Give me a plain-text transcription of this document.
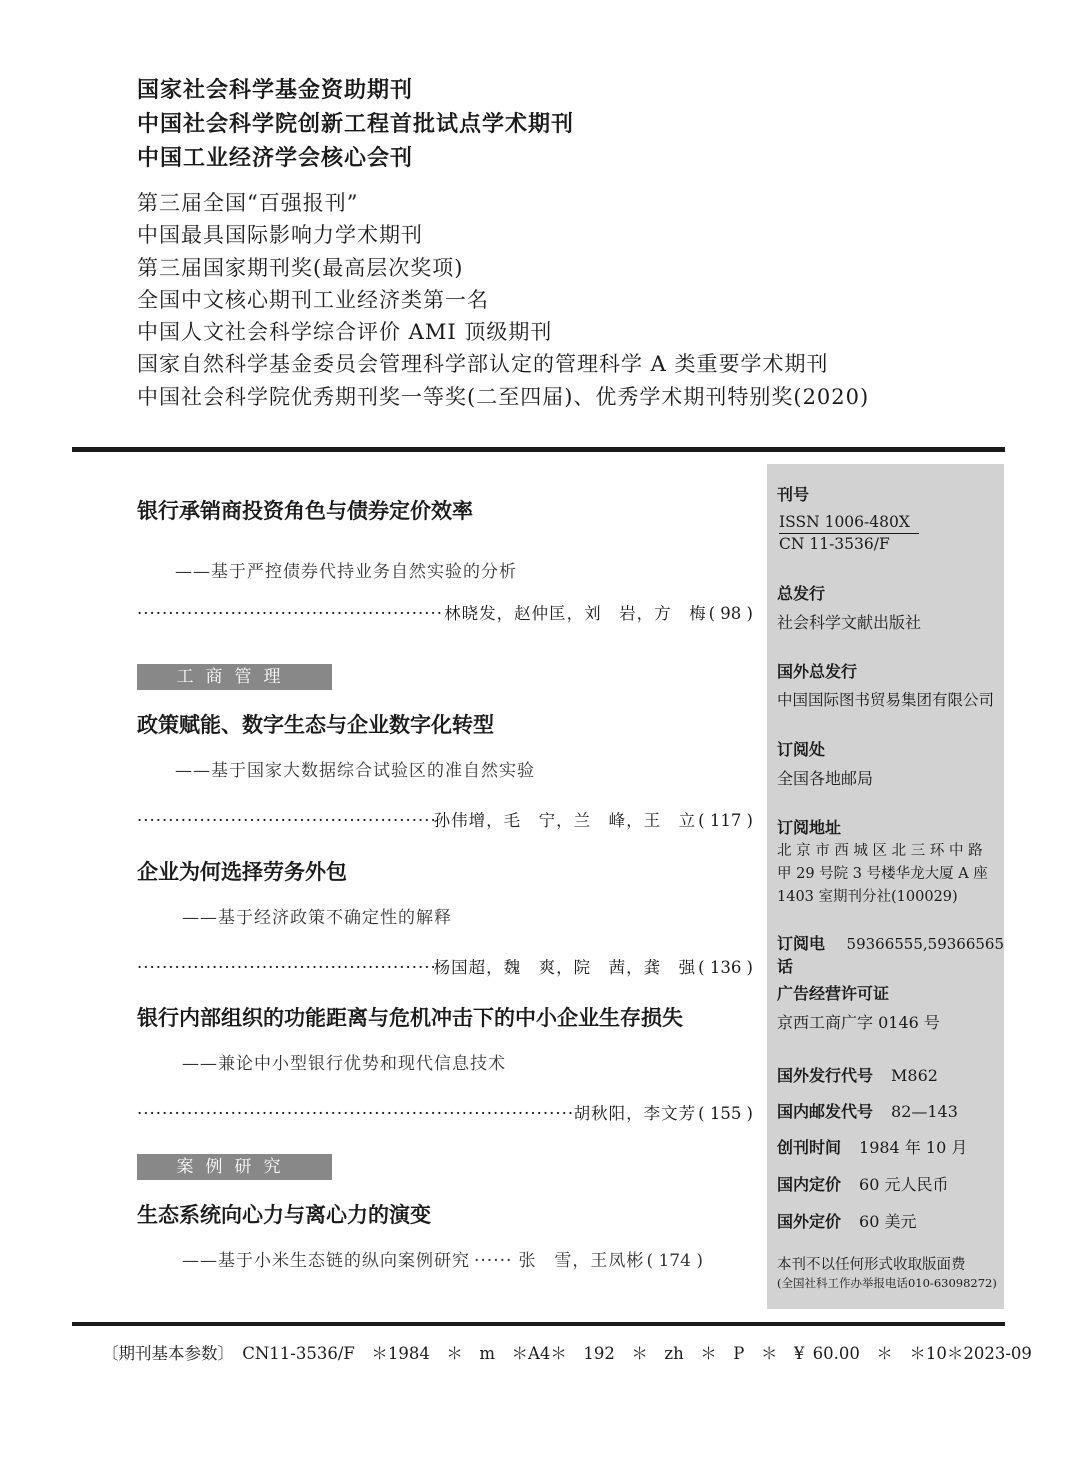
国家社会科学基金资助期刊
中国社会科学院创新工程首批试点学术期刊
中国工业经济学会核心会刊
第三届全国“百强报刊”
中国最具国际影响力学术期刊
第三届国家期刊奖(最高层次奖项)
全国中文核心期刊工业经济类第一名
中国人文社会科学综合评价 AMI 顶级期刊
国家自然科学基金委员会管理科学部认定的管理科学 A 类重要学术期刊
中国社会科学院优秀期刊奖一等奖(二至四届)、优秀学术期刊特别奖(2020)
银行承销商投资角色与债券定价效率
——基于严控债券代持业务自然实验的分析
·····
林晓发，赵仲匡，刘　岩，方　梅 ( 98 )
工商管理
政策赋能、数字生态与企业数字化转型
——基于国家大数据综合试验区的准自然实验
·····
孙伟增，毛　宁，兰　峰，王　立 ( 117 )
企业为何选择劳务外包
——基于经济政策不确定性的解释
·····
杨国超，魏　爽，院　茜，龚　强 ( 136 )
银行内部组织的功能距离与危机冲击下的中小企业生存损失
——兼论中小型银行优势和现代信息技术
·····
胡秋阳，李文芳 ( 155 )
案例研究
生态系统向心力与离心力的演变
——基于小米生态链的纵向案例研究 ······ 张　雪，王凤彬 ( 174 )
刊号
ISSN 1006-480X
CN 11-3536/F
总发行
社会科学文献出版社
国外总发行
中国国际图书贸易集团有限公司
订阅处
全国各地邮局
订阅地址
北 京 市 西 城 区 北 三 环 中 路
甲 29 号院 3 号楼华龙大厦 A 座
1403 室期刊分社(100029)
订阅电话
59366555,59366565
广告经营许可证
京西工商广字 0146 号
国外发行代号 M862
国内邮发代号 82—143
创刊时间 1984 年 10 月
国内定价 60 元人民币
国外定价 60 美元
本刊不以任何形式收取版面费
(全国社科工作办举报电话010-63098272)
〔期刊基本参数〕　CN11-3536/F　＊1984　＊　m　＊A4＊　192　＊　zh　＊　P　＊　¥ 60.00　＊　＊10＊2023-09
